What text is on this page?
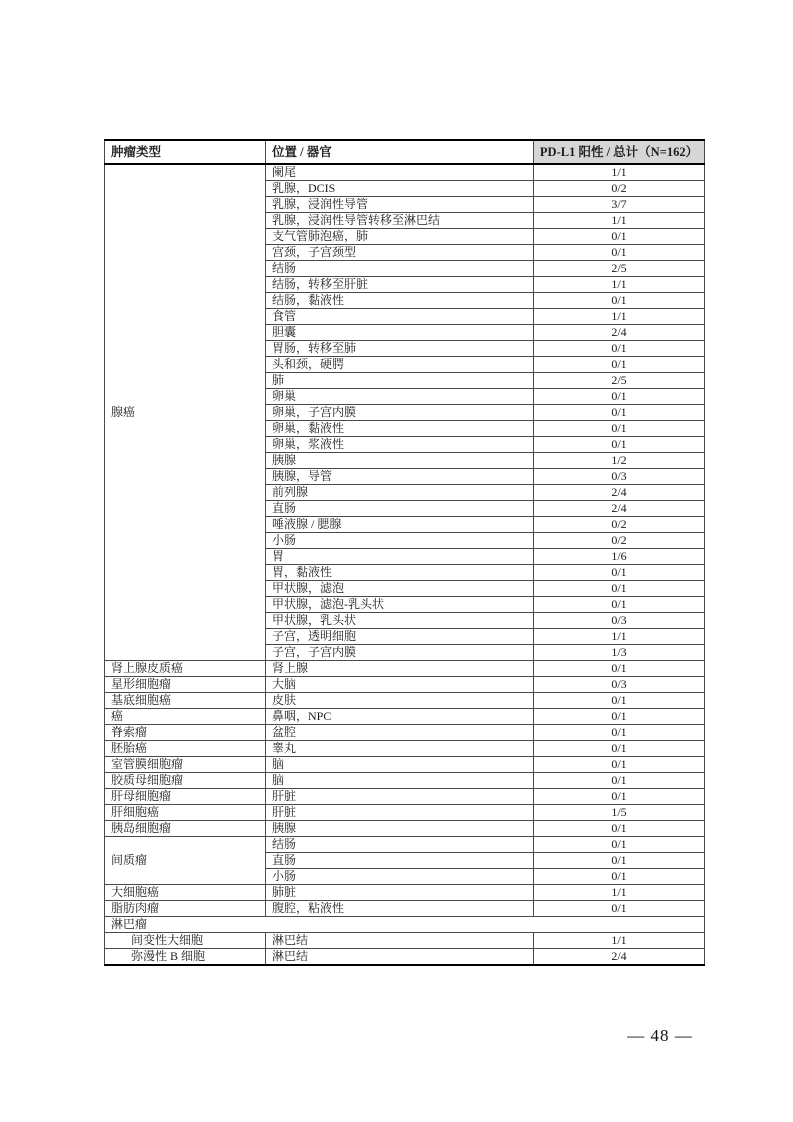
肿瘤类型	位置 / 器官	PD-L1 阳性 / 总计（N=162）
腺癌	阑尾	1/1
	乳腺，DCIS	0/2
	乳腺，浸润性导管	3/7
	乳腺，浸润性导管转移至淋巴结	1/1
	支气管肺泡癌，肺	0/1
	宫颈，子宫颈型	0/1
	结肠	2/5
	结肠，转移至肝脏	1/1
	结肠，黏液性	0/1
	食管	1/1
	胆囊	2/4
	胃肠，转移至肺	0/1
	头和颈，硬腭	0/1
	肺	2/5
	卵巢	0/1
	卵巢，子宫内膜	0/1
	卵巢，黏液性	0/1
	卵巢，浆液性	0/1
	胰腺	1/2
	胰腺，导管	0/3
	前列腺	2/4
	直肠	2/4
	唾液腺 / 腮腺	0/2
	小肠	0/2
	胃	1/6
	胃，黏液性	0/1
	甲状腺，滤泡	0/1
	甲状腺，滤泡-乳头状	0/1
	甲状腺，乳头状	0/3
	子宫，透明细胞	1/1
	子宫，子宫内膜	1/3
肾上腺皮质癌	肾上腺	0/1
星形细胞瘤	大脑	0/3
基底细胞癌	皮肤	0/1
癌	鼻咽，NPC	0/1
脊索瘤	盆腔	0/1
胚胎癌	睾丸	0/1
室管膜细胞瘤	脑	0/1
胶质母细胞瘤	脑	0/1
肝母细胞瘤	肝脏	0/1
肝细胞癌	肝脏	1/5
胰岛细胞瘤	胰腺	0/1
间质瘤	结肠	0/1
	直肠	0/1
	小肠	0/1
大细胞癌	肺脏	1/1
脂肪肉瘤	腹腔，粘液性	0/1
淋巴瘤		
间变性大细胞	淋巴结	1/1
弥漫性 B 细胞	淋巴结	2/4
— 48 —
